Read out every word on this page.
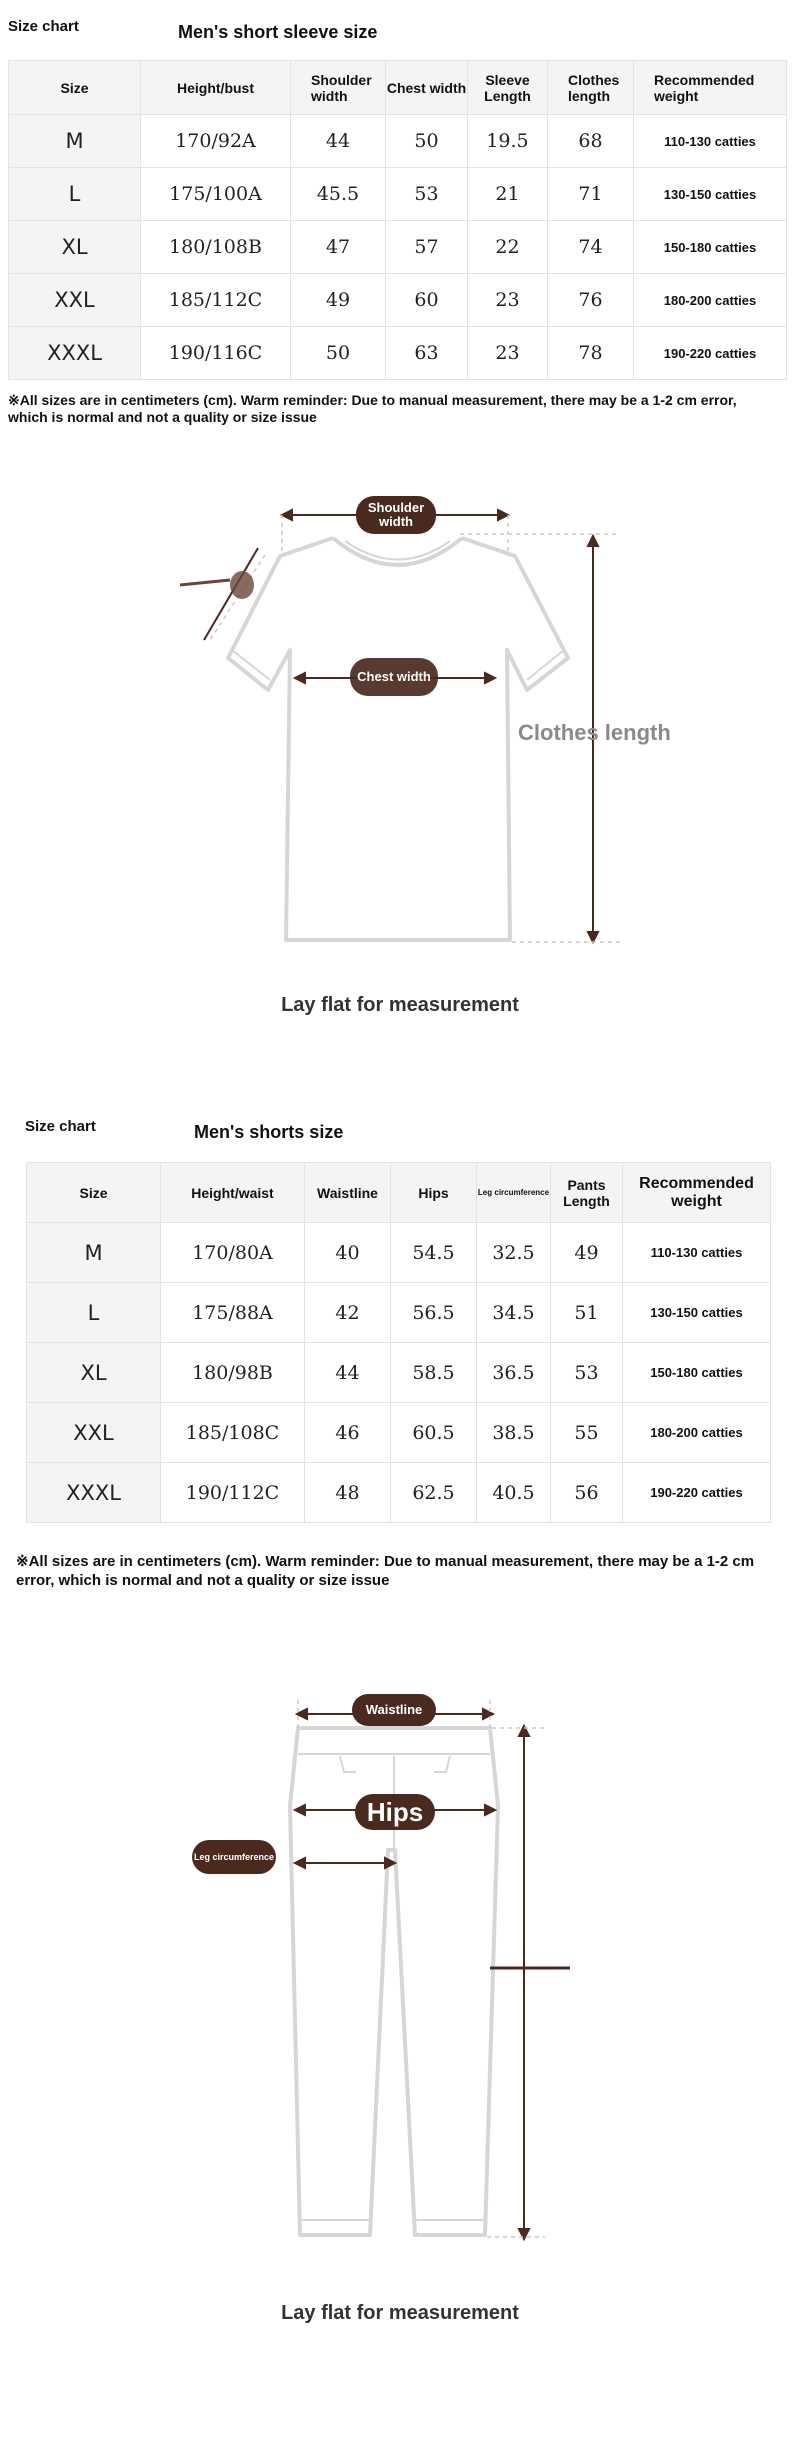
Size chart	Men's short sleeve size
Size	Height/bust	Shoulder width	Chest width	Sleeve Length	Clothes length	Recommended weight
M	170/92A	44	50	19.5	68	110-130 catties
L	175/100A	45.5	53	21	71	130-150 catties
XL	180/108B	47	57	22	74	150-180 catties
XXL	185/112C	49	60	23	76	180-200 catties
XXXL	190/116C	50	63	23	78	190-220 catties
※All sizes are in centimeters (cm). Warm reminder: Due to manual measurement, there may be a 1-2 cm error, which is normal and not a quality or size issue
Shoulder width
Chest width
Clothes length
Lay flat for measurement
Size chart	Men's shorts size
Size	Height/waist	Waistline	Hips	Leg circumference	Pants Length	Recommended weight
M	170/80A	40	54.5	32.5	49	110-130 catties
L	175/88A	42	56.5	34.5	51	130-150 catties
XL	180/98B	44	58.5	36.5	53	150-180 catties
XXL	185/108C	46	60.5	38.5	55	180-200 catties
XXXL	190/112C	48	62.5	40.5	56	190-220 catties
※All sizes are in centimeters (cm). Warm reminder: Due to manual measurement, there may be a 1-2 cm error, which is normal and not a quality or size issue
Waistline
Hips
Leg circumference
Lay flat for measurement
